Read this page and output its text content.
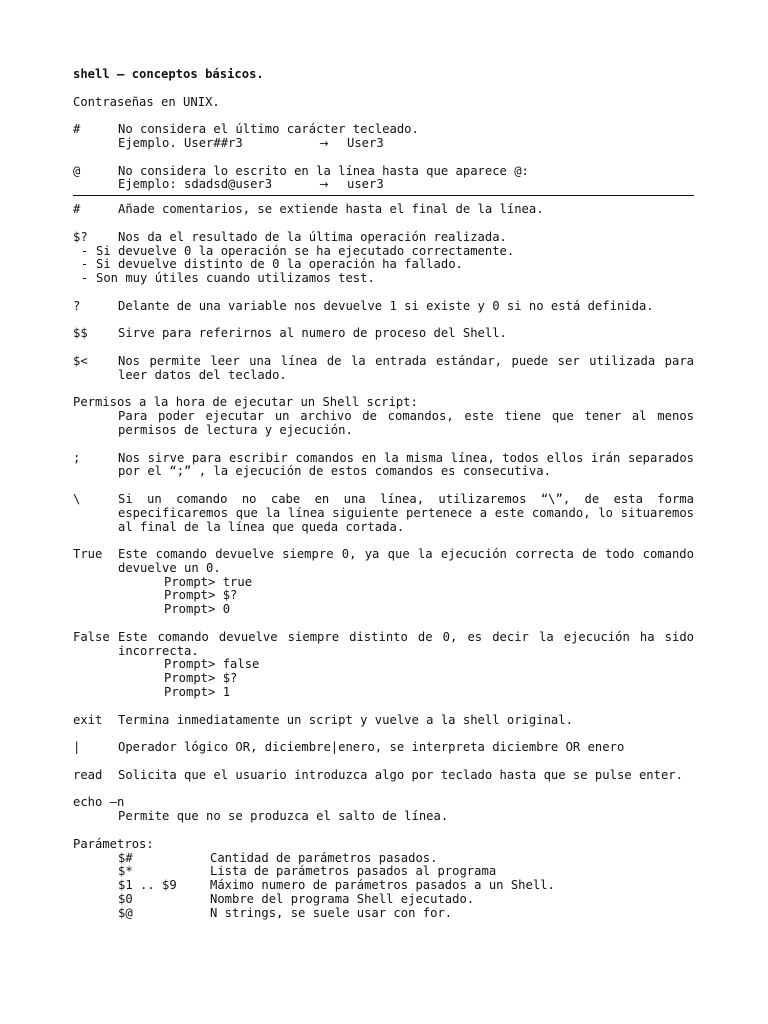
shell – conceptos básicos.
Contraseñas en UNIX.
#	No considera el último carácter tecleado.
Ejemplo. User##r3	→	User3
@	No considera lo escrito en la línea hasta que aparece @:
Ejemplo: sdadsd@user3	→	user3
#	Añade comentarios, se extiende hasta el final de la línea.
$?	Nos da el resultado de la última operación realizada.
- Si devuelve 0 la operación se ha ejecutado correctamente.
- Si devuelve distinto de 0 la operación ha fallado.
- Son muy útiles cuando utilizamos test.
?	Delante de una variable nos devuelve 1 si existe y 0 si no está definida.
$$	Sirve para referirnos al numero de proceso del Shell.
$<	Nos permite leer una línea de la entrada estándar, puede ser utilizada para leer datos del teclado.
Permisos a la hora de ejecutar un Shell script:
Para poder ejecutar un archivo de comandos, este tiene que tener al menos permisos de lectura y ejecución.
;	Nos sirve para escribir comandos en la misma línea, todos ellos irán separados por el “;” , la ejecución de estos comandos es consecutiva.
\	Si un comando no cabe en una línea, utilizaremos “\”, de esta forma especificaremos que la línea siguiente pertenece a este comando, lo situaremos al final de la línea que queda cortada.
True	Este comando devuelve siempre 0, ya que la ejecución correcta de todo comando devuelve un 0.
Prompt> true
Prompt> $?
Prompt> 0
False Este comando devuelve siempre distinto de 0, es decir la ejecución ha sido incorrecta.
Prompt> false
Prompt> $?
Prompt> 1
exit	Termina inmediatamente un script y vuelve a la shell original.
|	Operador lógico OR, diciembre|enero, se interpreta diciembre OR enero
read	Solicita que el usuario introduzca algo por teclado hasta que se pulse enter.
echo –n
Permite que no se produzca el salto de línea.
Parámetros:
$#	Cantidad de parámetros pasados.
$*	Lista de parámetros pasados al programa
$1 .. $9	Máximo numero de parámetros pasados a un Shell.
$0	Nombre del programa Shell ejecutado.
$@	N strings, se suele usar con for.
